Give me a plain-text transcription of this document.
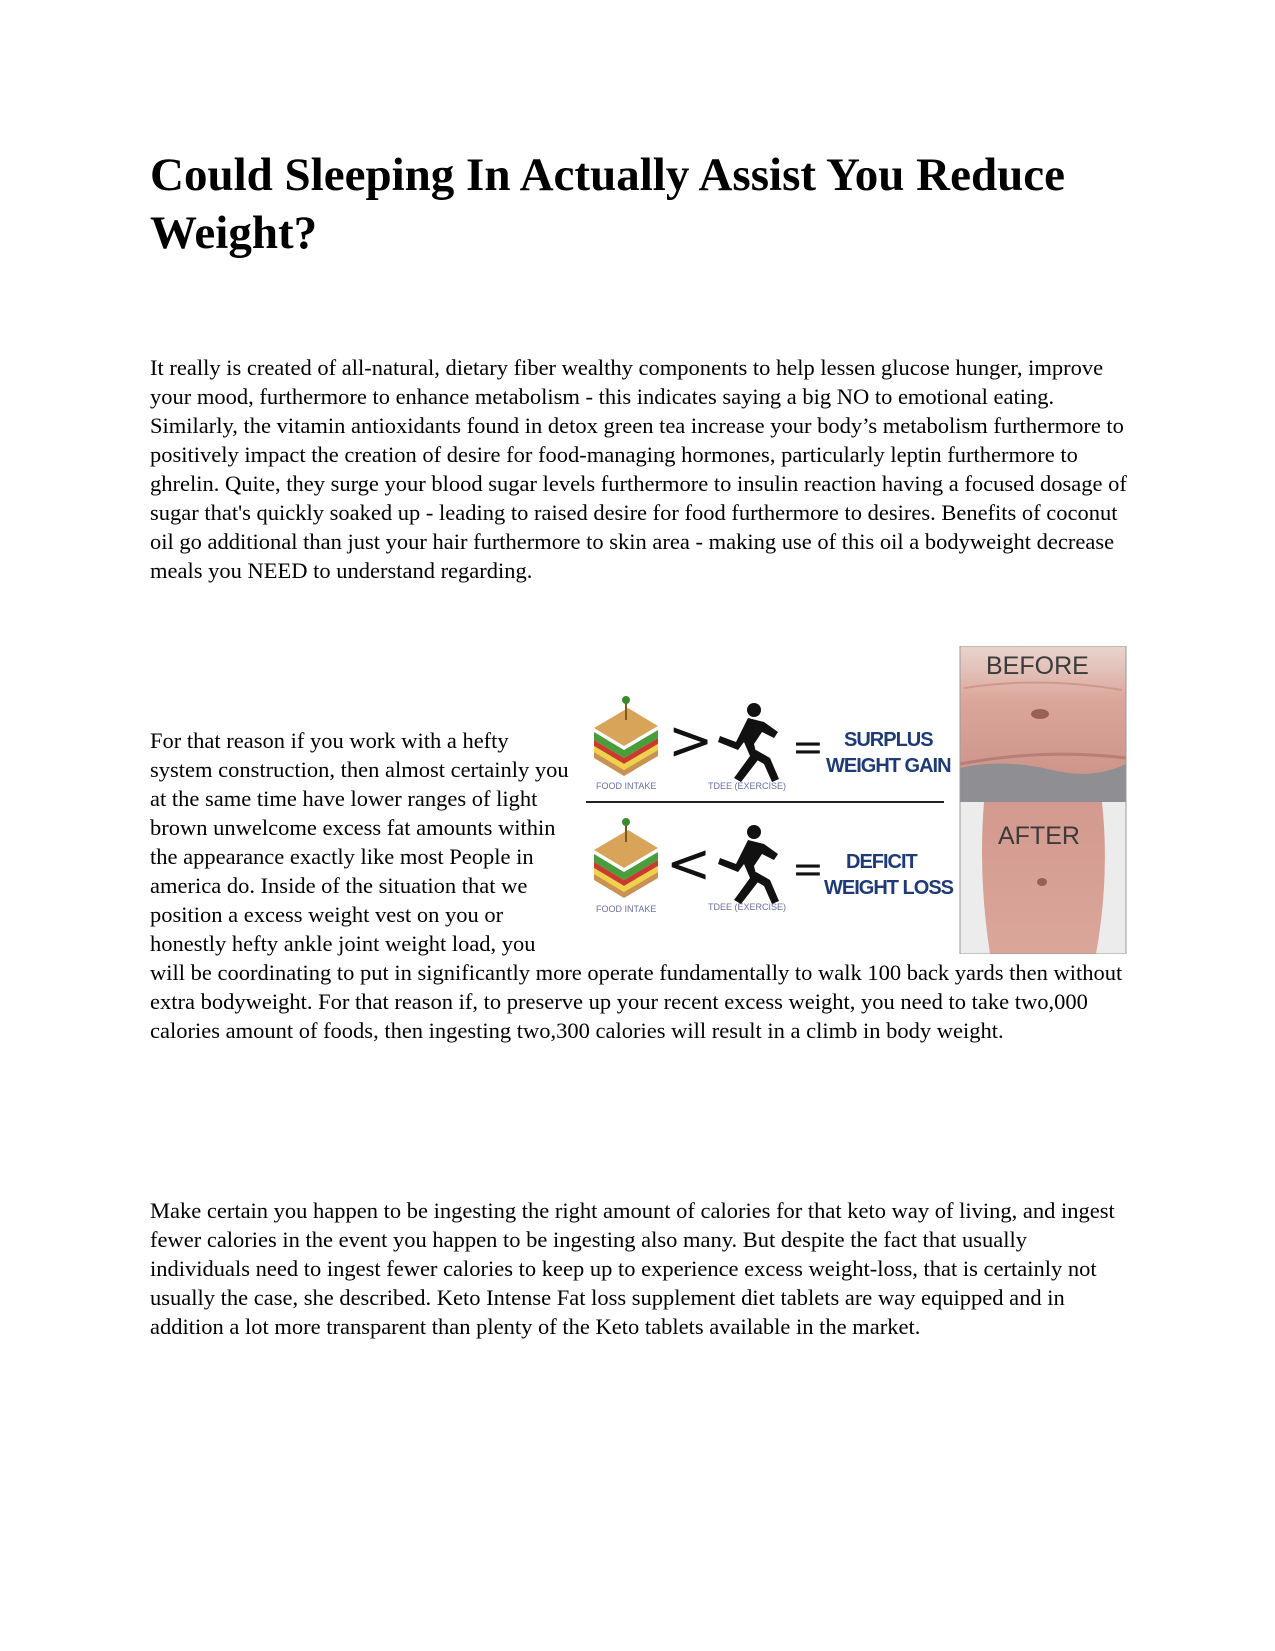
Could Sleeping In Actually Assist You Reduce Weight?

It really is created of all-natural, dietary fiber wealthy components to help lessen glucose hunger, improve your mood, furthermore to enhance metabolism - this indicates saying a big NO to emotional eating. Similarly, the vitamin antioxidants found in detox green tea increase your body’s metabolism furthermore to positively impact the creation of desire for food-managing hormones, particularly leptin furthermore to ghrelin. Quite, they surge your blood sugar levels furthermore to insulin reaction having a focused dosage of sugar that's quickly soaked up - leading to raised desire for food furthermore to desires. Benefits of coconut oil go additional than just your hair furthermore to skin area - making use of this oil a bodyweight decrease meals you NEED to understand regarding.

FOOD INTAKE
>
TDEE (EXERCISE)
= SURPLUS
WEIGHT GAIN
FOOD INTAKE
<
TDEE (EXERCISE)
= DEFICIT
WEIGHT LOSS
BEFORE
AFTER
For that reason if you work with a hefty system construction, then almost certainly you at the same time have lower ranges of light brown unwelcome excess fat amounts within the appearance exactly like most People in america do. Inside of the situation that we position a excess weight vest on you or honestly hefty ankle joint weight load, you will be coordinating to put in significantly more operate fundamentally to walk 100 back yards then without extra bodyweight. For that reason if, to preserve up your recent excess weight, you need to take two,000 calories amount of foods, then ingesting two,300 calories will result in a climb in body weight.

Make certain you happen to be ingesting the right amount of calories for that keto way of living, and ingest fewer calories in the event you happen to be ingesting also many. But despite the fact that usually individuals need to ingest fewer calories to keep up to experience excess weight-loss, that is certainly not usually the case, she described. Keto Intense Fat loss supplement diet tablets are way equipped and in addition a lot more transparent than plenty of the Keto tablets available in the market.
